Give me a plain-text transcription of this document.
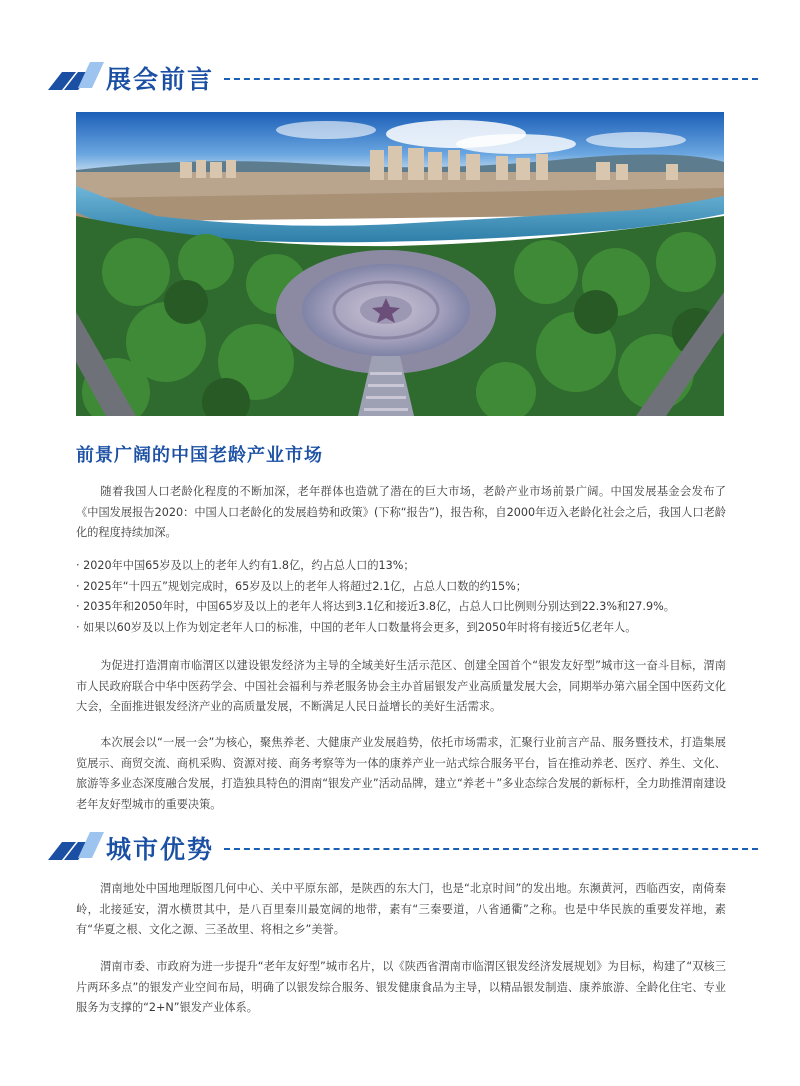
展会前言
前景广阔的中国老龄产业市场

随着我国人口老龄化程度的不断加深，老年群体也造就了潜在的巨大市场，老龄产业市场前景广阔。中国发展基金会发布了《中国发展报告2020：中国人口老龄化的发展趋势和政策》(下称“报告”)，报告称，自2000年迈入老龄化社会之后，我国人口老龄化的程度持续加深。

· 2020年中国65岁及以上的老年人约有1.8亿，约占总人口的13%；
· 2025年“十四五”规划完成时，65岁及以上的老年人将超过2.1亿，占总人口数的约15%；
· 2035年和2050年时，中国65岁及以上的老年人将达到3.1亿和接近3.8亿，占总人口比例则分别达到22.3%和27.9%。
· 如果以60岁及以上作为划定老年人口的标准，中国的老年人口数量将会更多，到2050年时将有接近5亿老年人。

为促进打造渭南市临渭区以建设银发经济为主导的全域美好生活示范区、创建全国首个“银发友好型”城市这一奋斗目标，渭南市人民政府联合中华中医药学会、中国社会福利与养老服务协会主办首届银发产业高质量发展大会，同期举办第六届全国中医药文化大会，全面推进银发经济产业的高质量发展，不断满足人民日益增长的美好生活需求。

本次展会以“一展一会”为核心，聚焦养老、大健康产业发展趋势，依托市场需求，汇聚行业前言产品、服务暨技术，打造集展览展示、商贸交流、商机采购、资源对接、商务考察等为一体的康养产业一站式综合服务平台，旨在推动养老、医疗、养生、文化、旅游等多业态深度融合发展，打造独具特色的渭南“银发产业”活动品牌，建立“养老＋”多业态综合发展的新标杆，全力助推渭南建设老年友好型城市的重要决策。

城市优势

渭南地处中国地理版图几何中心、关中平原东部，是陕西的东大门，也是“北京时间”的发出地。东濒黄河，西临西安，南倚秦岭，北接延安，渭水横贯其中，是八百里秦川最宽阔的地带，素有“三秦要道，八省通衢”之称。也是中华民族的重要发祥地，素有“华夏之根、文化之源、三圣故里、将相之乡”美誉。

渭南市委、市政府为进一步提升“老年友好型”城市名片，以《陕西省渭南市临渭区银发经济发展规划》为目标，构建了“双核三片两环多点”的银发产业空间布局，明确了以银发综合服务、银发健康食品为主导，以精品银发制造、康养旅游、全龄化住宅、专业服务为支撑的“2+N”银发产业体系。
